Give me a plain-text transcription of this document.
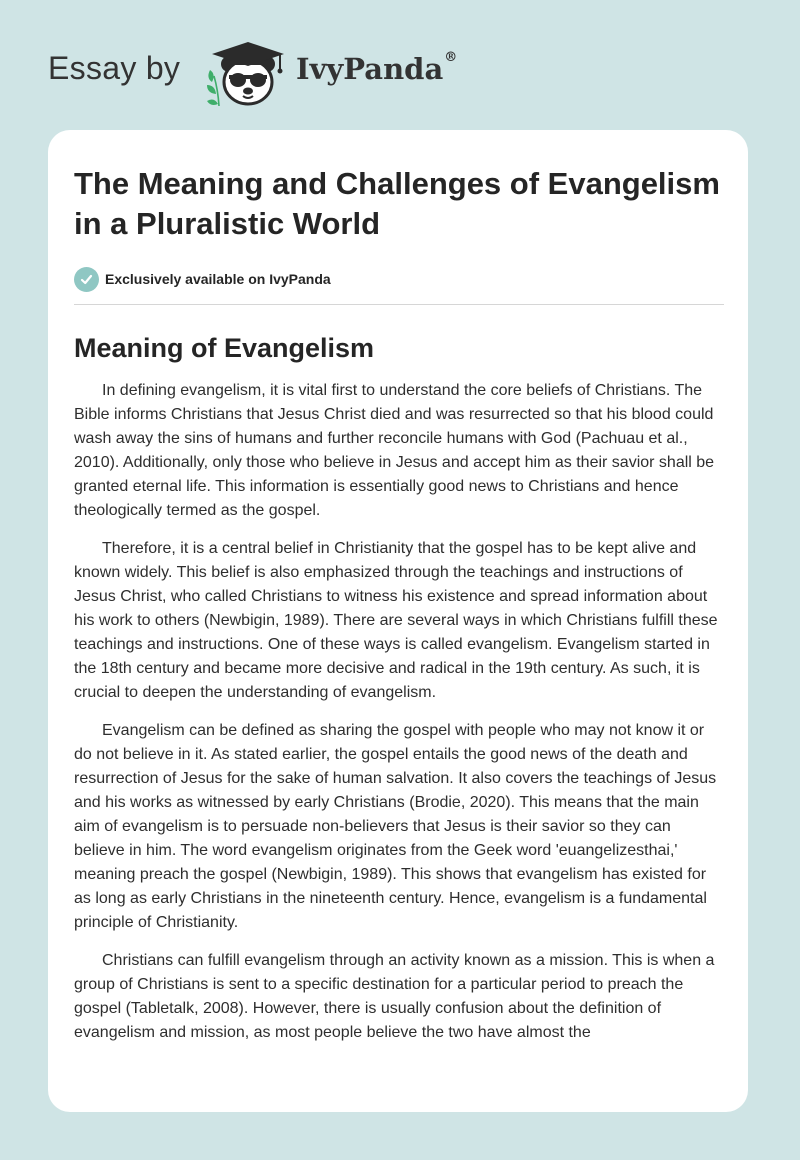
Essay by	IvyPanda®
The Meaning and Challenges of Evangelism in a Pluralistic World
Exclusively available on IvyPanda
Meaning of Evangelism

In defining evangelism, it is vital first to understand the core beliefs of Christians. The Bible informs Christians that Jesus Christ died and was resurrected so that his blood could wash away the sins of humans and further reconcile humans with God (Pachuau et al., 2010). Additionally, only those who believe in Jesus and accept him as their savior shall be granted eternal life. This information is essentially good news to Christians and hence theologically termed as the gospel.

Therefore, it is a central belief in Christianity that the gospel has to be kept alive and known widely. This belief is also emphasized through the teachings and instructions of Jesus Christ, who called Christians to witness his existence and spread information about his work to others (Newbigin, 1989). There are several ways in which Christians fulfill these teachings and instructions. One of these ways is called evangelism. Evangelism started in the 18th century and became more decisive and radical in the 19th century. As such, it is crucial to deepen the understanding of evangelism.

Evangelism can be defined as sharing the gospel with people who may not know it or do not believe in it. As stated earlier, the gospel entails the good news of the death and resurrection of Jesus for the sake of human salvation. It also covers the teachings of Jesus and his works as witnessed by early Christians (Brodie, 2020). This means that the main aim of evangelism is to persuade non-believers that Jesus is their savior so they can believe in him. The word evangelism originates from the Geek word 'euangelizesthai,' meaning preach the gospel (Newbigin, 1989). This shows that evangelism has existed for as long as early Christians in the nineteenth century. Hence, evangelism is a fundamental principle of Christianity.

Christians can fulfill evangelism through an activity known as a mission. This is when a group of Christians is sent to a specific destination for a particular period to preach the gospel (Tabletalk, 2008). However, there is usually confusion about the definition of evangelism and mission, as most people believe the two have almost the
